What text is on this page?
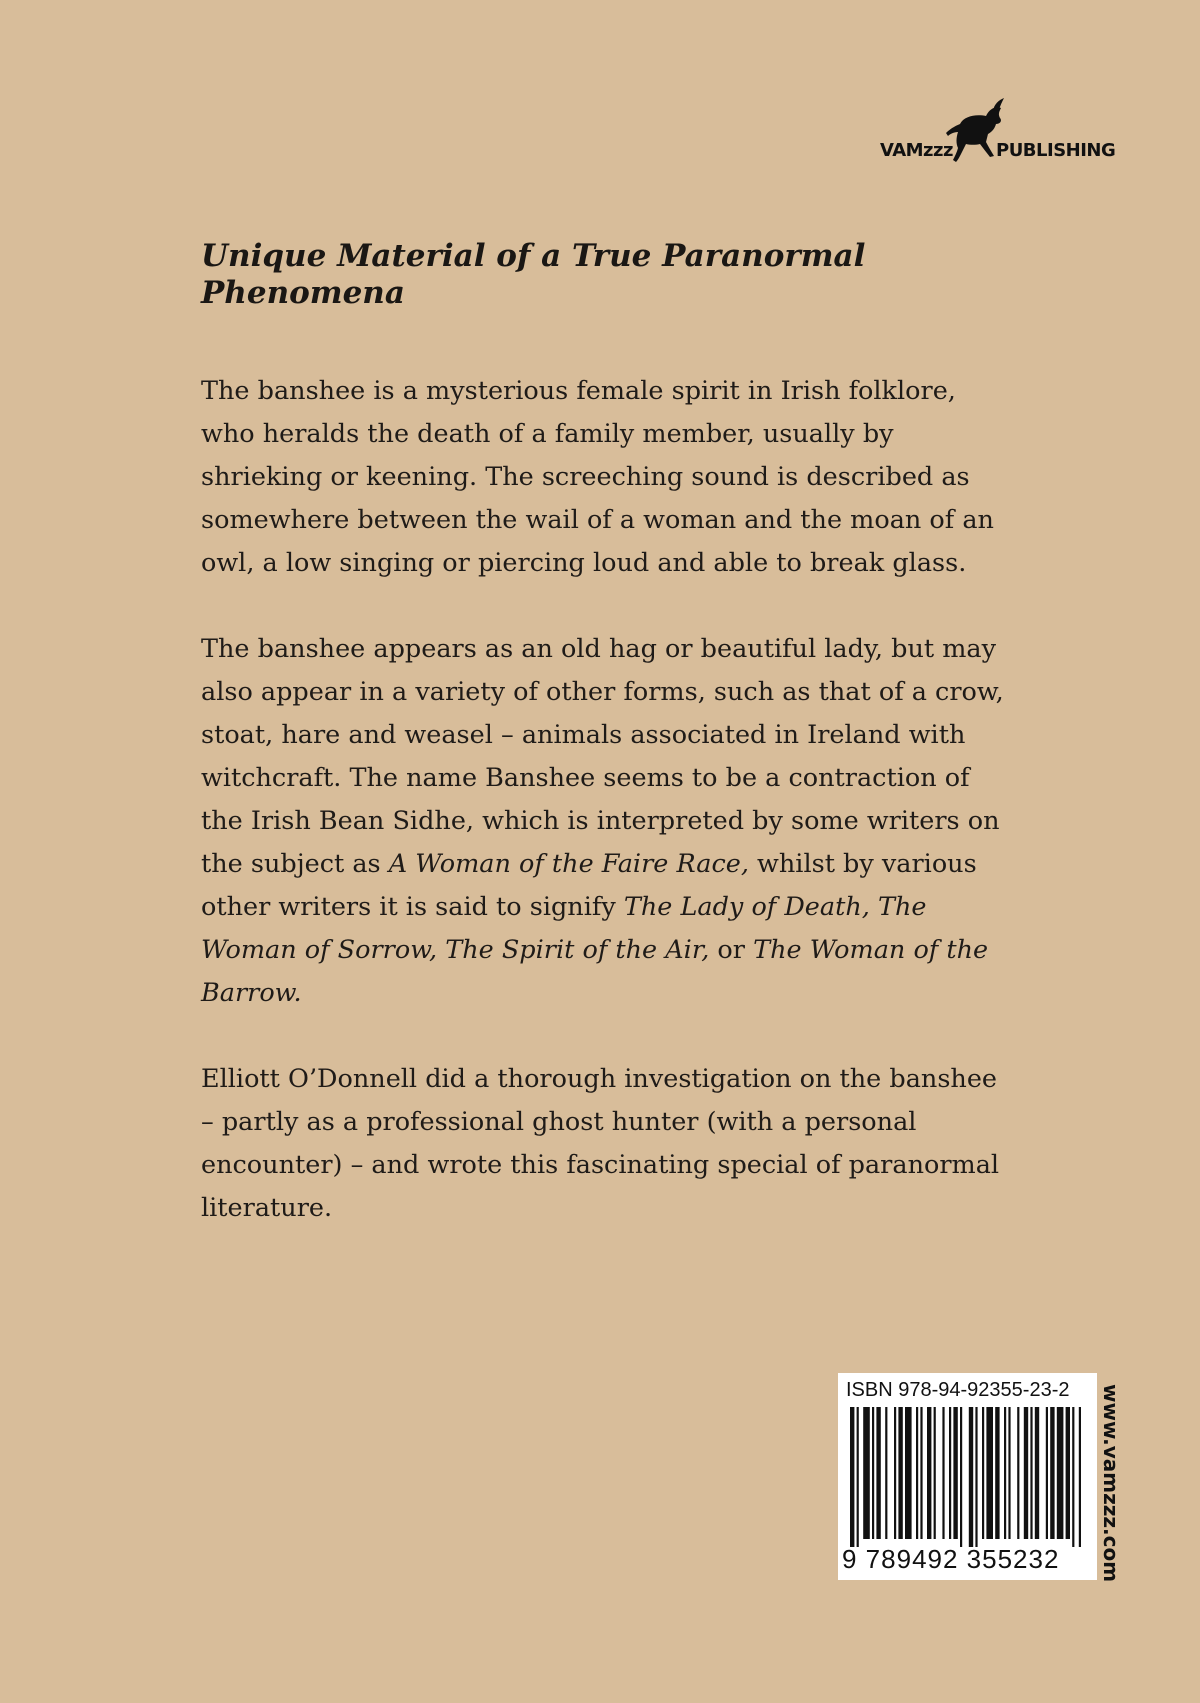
VAMzzz PUBLISHING
Unique Material of a True Paranormal Phenomena

The banshee is a mysterious female spirit in Irish folklore, who heralds the death of a family member, usually by shrieking or keening. The screeching sound is described as somewhere between the wail of a woman and the moan of an owl, a low singing or piercing loud and able to break glass.

The banshee appears as an old hag or beautiful lady, but may also appear in a variety of other forms, such as that of a crow, stoat, hare and weasel – animals associated in Ireland with witchcraft. The name Banshee seems to be a contraction of the Irish Bean Sidhe, which is interpreted by some writers on the subject as A Woman of the Faire Race, whilst by various other writers it is said to signify The Lady of Death, The Woman of Sorrow, The Spirit of the Air, or The Woman of the Barrow.

Elliott O’Donnell did a thorough investigation on the banshee – partly as a professional ghost hunter (with a personal encounter) – and wrote this fascinating special of paranormal literature.

ISBN 978-94-92355-23-2
9 789492 355232	www.vamzzz.com
